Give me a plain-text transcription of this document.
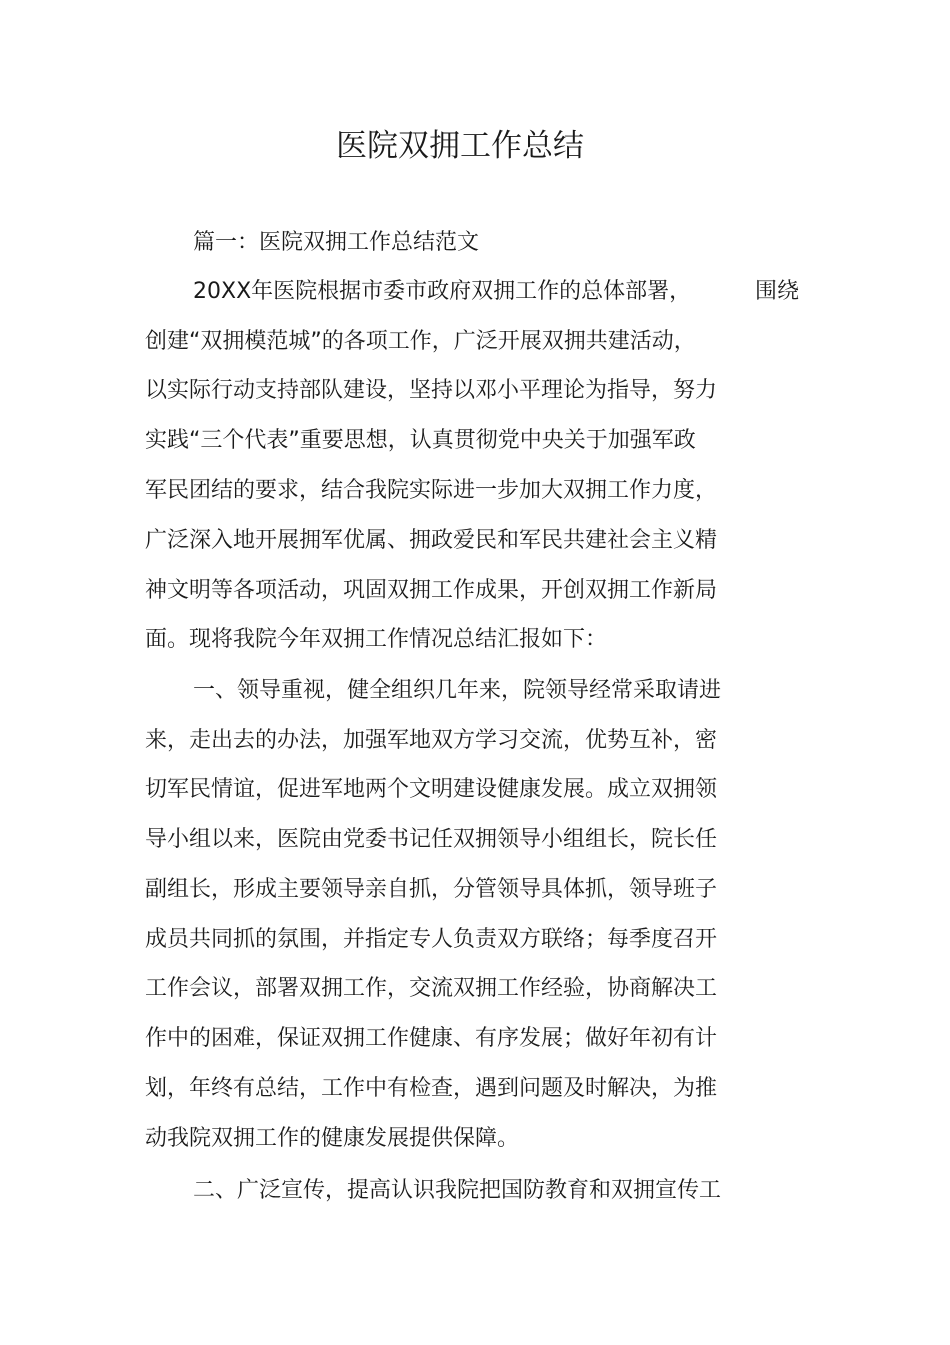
医院双拥工作总结
篇一：医院双拥工作总结范文
20XX年医院根据市委市政府双拥工作的总体部署，	围绕
创建“双拥模范城”的各项工作，广泛开展双拥共建活动，
以实际行动支持部队建设，坚持以邓小平理论为指导，努力
实践“三个代表”重要思想，认真贯彻党中央关于加强军政
军民团结的要求，结合我院实际进一步加大双拥工作力度，
广泛深入地开展拥军优属、拥政爱民和军民共建社会主义精
神文明等各项活动，巩固双拥工作成果，开创双拥工作新局
面。现将我院今年双拥工作情况总结汇报如下：
一、领导重视，健全组织几年来，院领导经常采取请进
来，走出去的办法，加强军地双方学习交流，优势互补，密
切军民情谊，促进军地两个文明建设健康发展。成立双拥领
导小组以来，医院由党委书记任双拥领导小组组长，院长任
副组长，形成主要领导亲自抓，分管领导具体抓，领导班子
成员共同抓的氛围，并指定专人负责双方联络；每季度召开
工作会议，部署双拥工作，交流双拥工作经验，协商解决工
作中的困难，保证双拥工作健康、有序发展；做好年初有计
划，年终有总结，工作中有检查，遇到问题及时解决，为推
动我院双拥工作的健康发展提供保障。
二、广泛宣传，提高认识我院把国防教育和双拥宣传工
